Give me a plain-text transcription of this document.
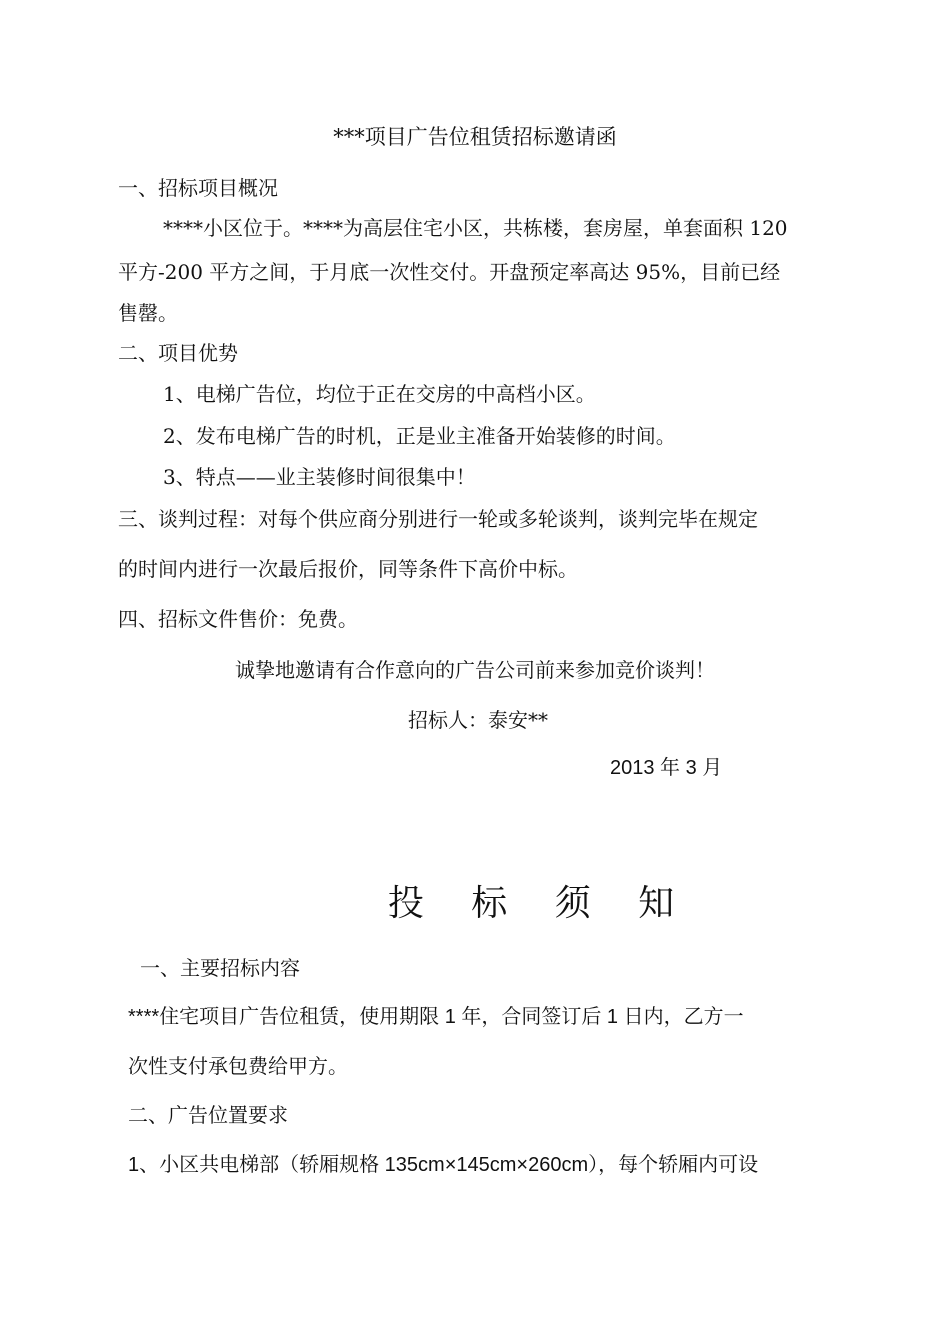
***项目广告位租赁招标邀请函
一、招标项目概况
****小区位于。****为高层住宅小区，共栋楼，套房屋，单套面积 120
平方-200 平方之间，于月底一次性交付。开盘预定率高达 95%，目前已经
售罄。
二、项目优势
1、电梯广告位，均位于正在交房的中高档小区。
2、发布电梯广告的时机，正是业主准备开始装修的时间。
3、特点——业主装修时间很集中！
三、谈判过程：对每个供应商分别进行一轮或多轮谈判，谈判完毕在规定
的时间内进行一次最后报价，同等条件下高价中标。
四、招标文件售价：免费。
诚挚地邀请有合作意向的广告公司前来参加竞价谈判！
招标人：泰安**
2013 年 3 月
投 标 须 知
一、主要招标内容
****住宅项目广告位租赁，使用期限 1 年，合同签订后 1 日内，乙方一
次性支付承包费给甲方。
二、广告位置要求
1、小区共电梯部（轿厢规格 135cm×145cm×260cm），每个轿厢内可设
